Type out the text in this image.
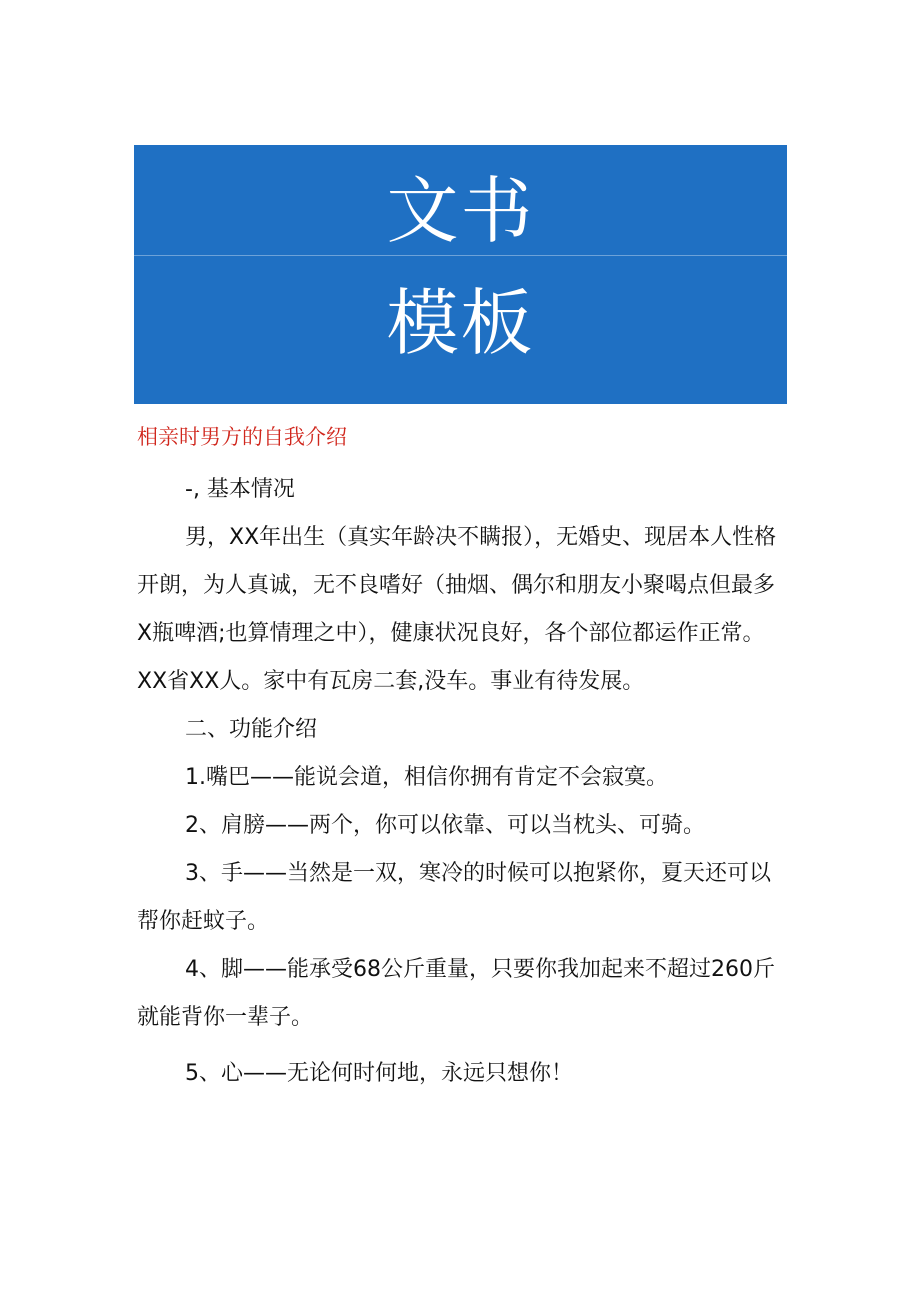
文书
模板
相亲时男方的自我介绍

-, 基本情况

男，XX年出生（真实年龄决不瞒报），无婚史、现居本人性格开朗，为人真诚，无不良嗜好（抽烟、偶尔和朋友小聚喝点但最多X瓶啤酒;也算情理之中），健康状况良好，各个部位都运作正常。XX省XX人。家中有瓦房二套,没车。事业有待发展。

二、功能介绍

1.嘴巴——能说会道，相信你拥有肯定不会寂寞。

2、肩膀——两个，你可以依靠、可以当枕头、可骑。

3、手——当然是一双，寒冷的时候可以抱紧你，夏天还可以帮你赶蚊子。

4、脚——能承受68公斤重量，只要你我加起来不超过260斤就能背你一辈子。

5、心——无论何时何地，永远只想你！
